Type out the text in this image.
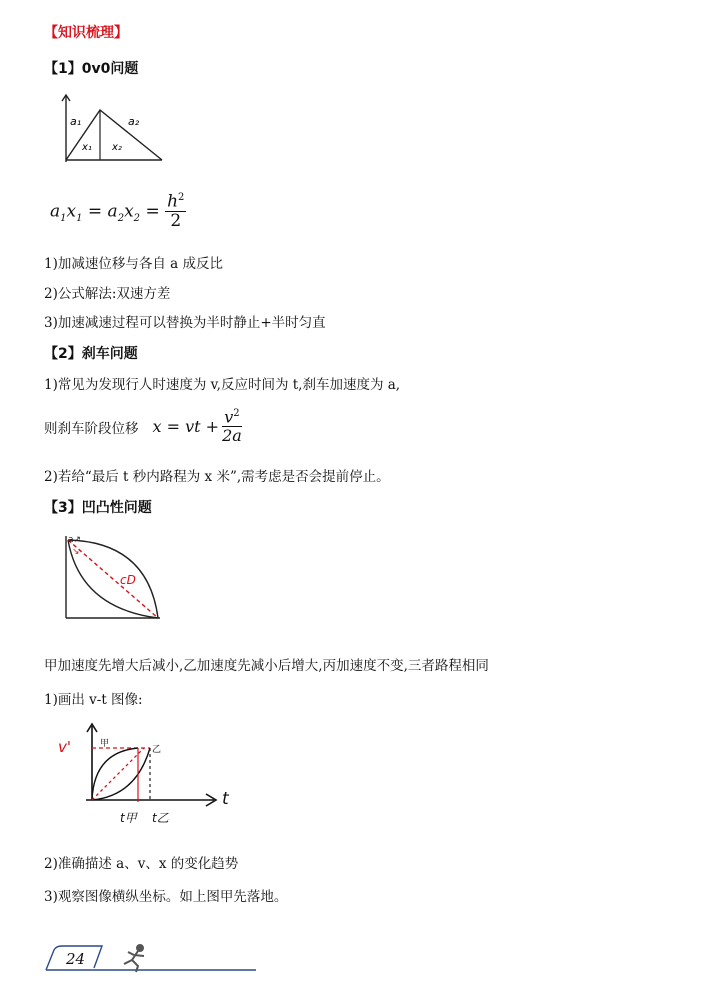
【知识梳理】
【1】0v0问题
a₁	a₂
x₁ x₂
$a_1x_1 = a_2x_2 = \frac{h^2}{2}$
1)加减速位移与各自 a 成反比
2)公式解法:双速方差
3)加速减速过程可以替换为半时静止+半时匀直
【2】刹车问题
1)常见为发现行人时速度为 v,反应时间为 t,刹车加速度为 a,
则刹车阶段位移 x = vt + $\frac{v^2}{2a}$
2)若给“最后 t 秒内路程为 x 米”,需考虑是否会提前停止。
【3】凹凸性问题
a↗
↘
cD
甲加速度先增大后减小,乙加速度先减小后增大,丙加速度不变,三者路程相同
1)画出 v-t 图像:
v'	甲
乙
t
t甲 t乙
2)准确描述 a、v、x 的变化趋势
3)观察图像横纵坐标。如上图甲先落地。
24
